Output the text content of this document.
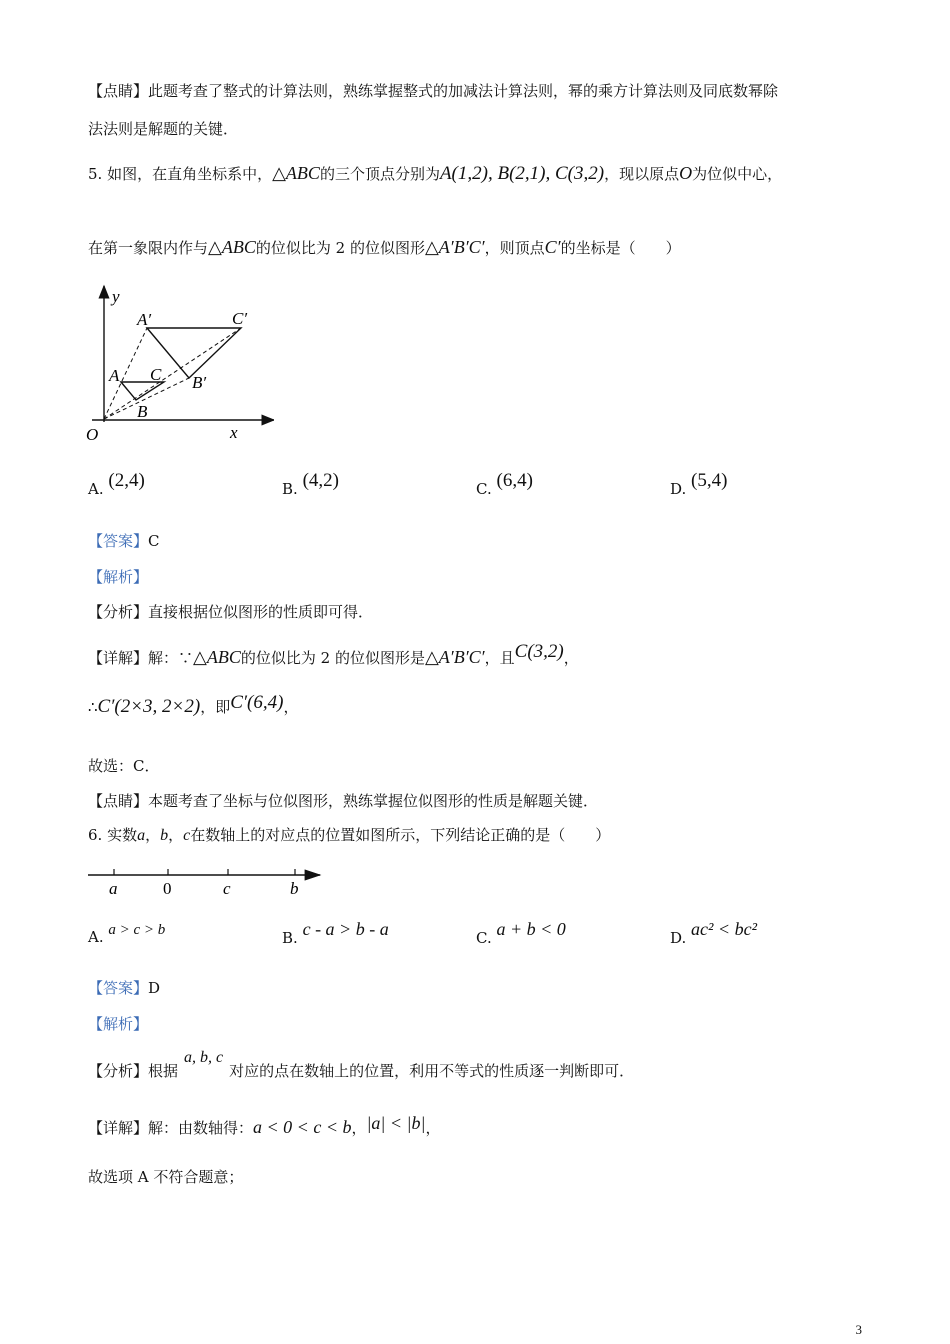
【点睛】此题考查了整式的计算法则，熟练掌握整式的加减法计算法则，幂的乘方计算法则及同底数幂除
法法则是解题的关键．
5. 如图，在直角坐标系中，△ABC的三个顶点分别为A(1,2), B(2,1), C(3,2)，现以原点O为位似中心，
在第一象限内作与△ABC的位似比为 2 的位似图形△A′B′C′，则顶点C′的坐标是（　　）
y
x
O
A
B
C
A′
B′
C′
A. (2,4)	B. (4,2)	C. (6,4)	D. (5,4)
【答案】C
【解析】
【分析】直接根据位似图形的性质即可得．
【详解】解：∵△ABC的位似比为 2 的位似图形是△A′B′C′，且C(3,2)，
∴C′(2×3, 2×2)，即C′(6,4)，
故选：C．
【点睛】本题考查了坐标与位似图形，熟练掌握位似图形的性质是解题关键．
6. 实数a，b，c在数轴上的对应点的位置如图所示，下列结论正确的是（　　）
a	0	c	b
A. a > c > b	B. c - a > b - a	C. a + b < 0	D. ac² < bc²
【答案】D
【解析】
【分析】根据a, b, c对应的点在数轴上的位置，利用不等式的性质逐一判断即可．
【详解】解：由数轴得：a < 0 < c < b，|a| < |b|，
故选项 A 不符合题意；
3
